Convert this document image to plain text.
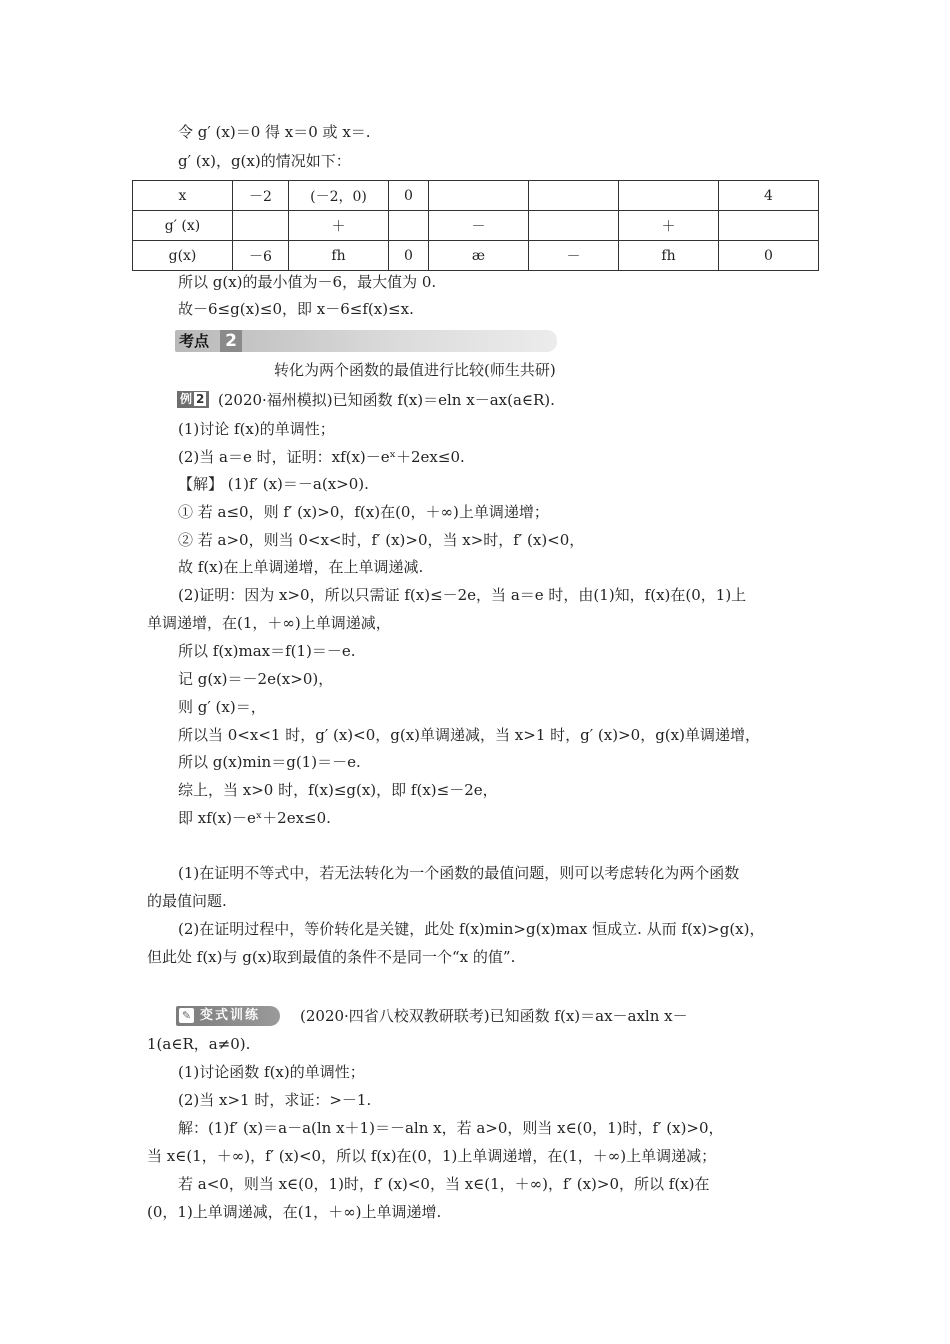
令 g′ (x)＝0 得 x＝0 或 x＝.
g′ (x)，g(x)的情况如下：
x	－2	(－2，0)	0				4
g′ (x)		＋		－		＋	
g(x)	－6	fh	0	æ	－	fh	0
所以 g(x)的最小值为－6，最大值为 0.
故－6≤g(x)≤0，即 x－6≤f(x)≤x.
考点 2
转化为两个函数的最值进行比较(师生共研)
例 2 (2020·福州模拟)已知函数 f(x)＝eln x－ax(a∈R).
(1)讨论 f(x)的单调性；
(2)当 a＝e 时，证明：xf(x)－eˣ＋2ex≤0.
【解】 (1)f′ (x)＝－a(x>0).
① 若 a≤0，则 f′ (x)>0，f(x)在(0，＋∞)上单调递增；
② 若 a>0，则当 0<x<时，f′ (x)>0，当 x>时，f′ (x)<0，
故 f(x)在上单调递增，在上单调递减.
(2)证明：因为 x>0，所以只需证 f(x)≤－2e，当 a＝e 时，由(1)知，f(x)在(0，1)上
单调递增，在(1，＋∞)上单调递减，
所以 f(x)max＝f(1)＝－e.
记 g(x)＝－2e(x>0)，
则 g′ (x)＝，
所以当 0<x<1 时，g′ (x)<0，g(x)单调递减，当 x>1 时，g′ (x)>0，g(x)单调递增，
所以 g(x)min＝g(1)＝－e.
综上，当 x>0 时，f(x)≤g(x)，即 f(x)≤－2e，
即 xf(x)－eˣ＋2ex≤0.
(1)在证明不等式中，若无法转化为一个函数的最值问题，则可以考虑转化为两个函数
的最值问题.
(2)在证明过程中，等价转化是关键，此处 f(x)min>g(x)max 恒成立. 从而 f(x)>g(x)，
但此处 f(x)与 g(x)取到最值的条件不是同一个“x 的值”.
✎ 变式训练	(2020·四省八校双教研联考)已知函数 f(x)＝ax－axln x－
1(a∈R，a≠0).
(1)讨论函数 f(x)的单调性；
(2)当 x>1 时，求证：>－1.
解：(1)f′ (x)＝a－a(ln x＋1)＝－aln x，若 a>0，则当 x∈(0，1)时，f′ (x)>0，
当 x∈(1，＋∞)，f′ (x)<0，所以 f(x)在(0，1)上单调递增，在(1，＋∞)上单调递减；
若 a<0，则当 x∈(0，1)时，f′ (x)<0，当 x∈(1，＋∞)，f′ (x)>0，所以 f(x)在
(0，1)上单调递减，在(1，＋∞)上单调递增.
